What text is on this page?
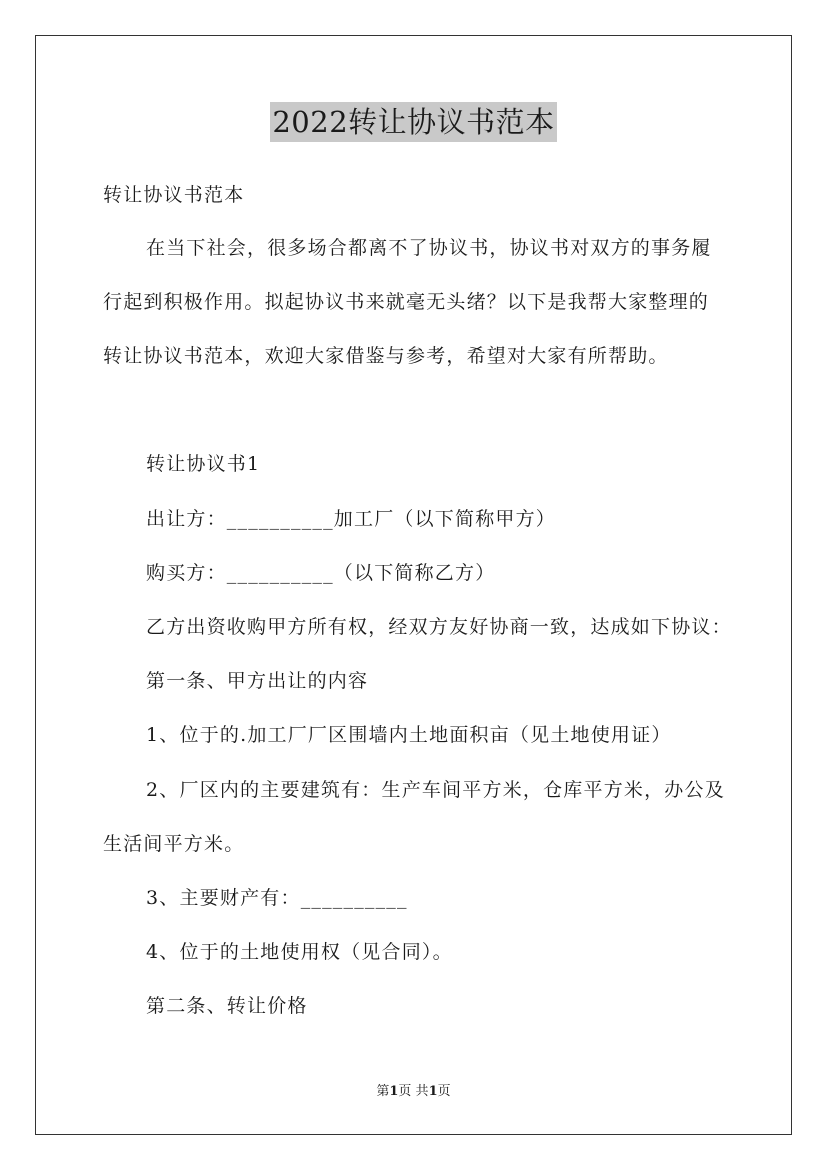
2022转让协议书范本
转让协议书范本
在当下社会，很多场合都离不了协议书，协议书对双方的事务履
行起到积极作用。拟起协议书来就毫无头绪？以下是我帮大家整理的
转让协议书范本，欢迎大家借鉴与参考，希望对大家有所帮助。
转让协议书1
出让方：__________加工厂（以下简称甲方）
购买方：__________（以下简称乙方）
乙方出资收购甲方所有权，经双方友好协商一致，达成如下协议：
第一条、甲方出让的内容
1、位于的.加工厂厂区围墙内土地面积亩（见土地使用证）
2、厂区内的主要建筑有：生产车间平方米，仓库平方米，办公及
生活间平方米。
3、主要财产有：__________
4、位于的土地使用权（见合同）。
第二条、转让价格
第1页 共1页
